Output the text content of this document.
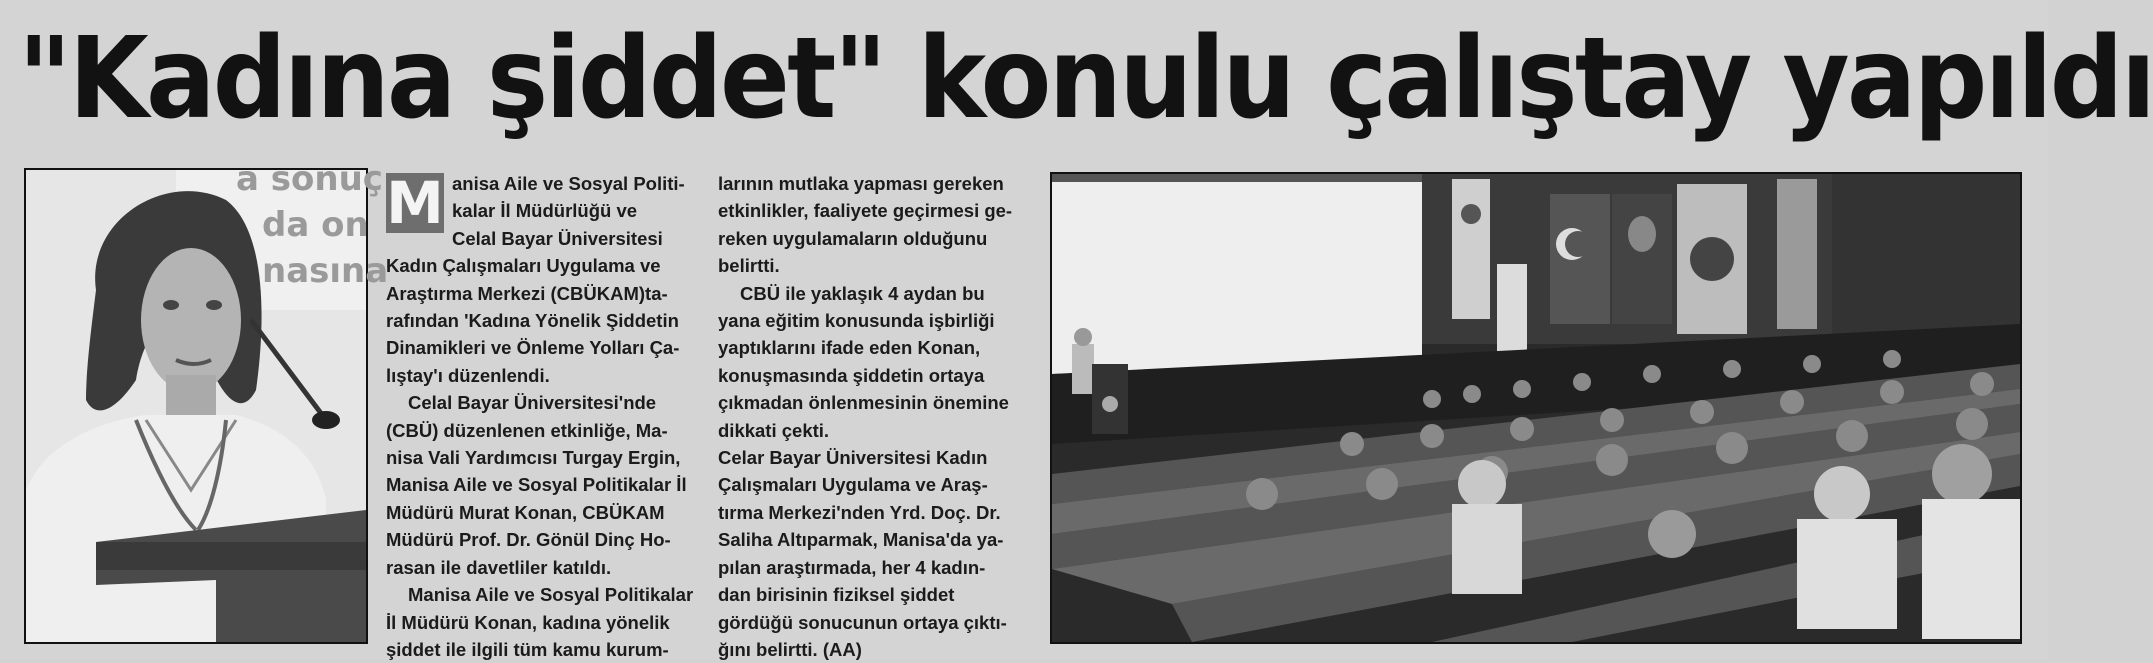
"Kadına şiddet" konulu çalıştay yapıldı
a sonuç
da on
nasına
M anisa Aile ve Sosyal Politi-
kalar İl Müdürlüğü ve
Celal Bayar Üniversitesi
Kadın Çalışmaları Uygulama ve
Araştırma Merkezi (CBÜKAM)ta-
rafından 'Kadına Yönelik Şiddetin
Dinamikleri ve Önleme Yolları Ça-
lıştay'ı düzenlendi.

Celal Bayar Üniversitesi'nde
(CBÜ) düzenlenen etkinliğe, Ma-
nisa Vali Yardımcısı Turgay Ergin,
Manisa Aile ve Sosyal Politikalar İl
Müdürü Murat Konan, CBÜKAM
Müdürü Prof. Dr. Gönül Dinç Ho-
rasan ile davetliler katıldı.

Manisa Aile ve Sosyal Politikalar
İl Müdürü Konan, kadına yönelik
şiddet ile ilgili tüm kamu kurum-

larının mutlaka yapması gereken
etkinlikler, faaliyete geçirmesi ge-
reken uygulamaların olduğunu
belirtti.

CBÜ ile yaklaşık 4 aydan bu
yana eğitim konusunda işbirliği
yaptıklarını ifade eden Konan,
konuşmasında şiddetin ortaya
çıkmadan önlenmesinin önemine
dikkati çekti.

Celar Bayar Üniversitesi Kadın
Çalışmaları Uygulama ve Araş-
tırma Merkezi'nden Yrd. Doç. Dr.
Saliha Altıparmak, Manisa'da ya-
pılan araştırmada, her 4 kadın-
dan birisinin fiziksel şiddet
gördüğü sonucunun ortaya çıktı-
ğını belirtti. (AA)
